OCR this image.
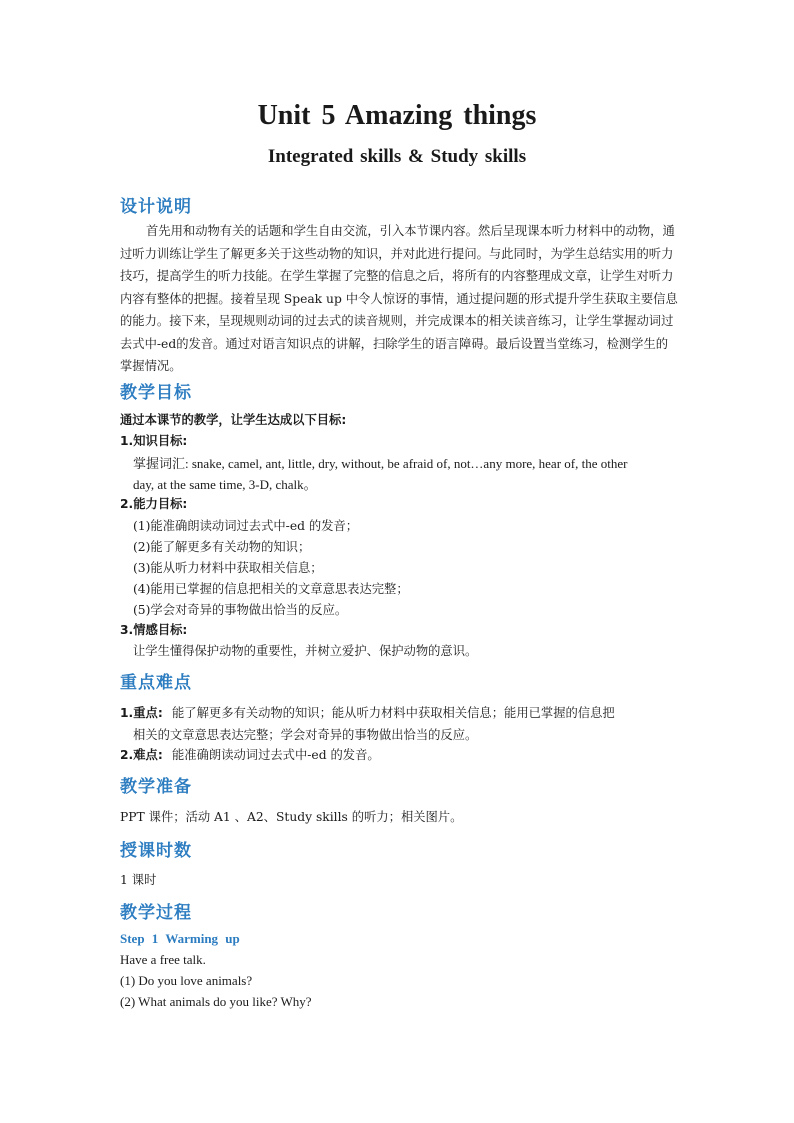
Unit 5 Amazing things
Integrated skills & Study skills
设计说明
首先用和动物有关的话题和学生自由交流，引入本节课内容。然后呈现课本听力材料中的动物，通过听力训练让学生了解更多关于这些动物的知识，并对此进行提问。与此同时，为学生总结实用的听力技巧，提高学生的听力技能。在学生掌握了完整的信息之后，将所有的内容整理成文章，让学生对听力内容有整体的把握。接着呈现 Speak up 中令人惊讶的事情，通过提问题的形式提升学生获取主要信息的能力。接下来，呈现规则动词的过去式的读音规则，并完成课本的相关读音练习，让学生掌握动词过去式中-ed的发音。通过对语言知识点的讲解，扫除学生的语言障碍。最后设置当堂练习，检测学生的掌握情况。
教学目标
通过本课节的教学，让学生达成以下目标:
1.知识目标:
掌握词汇: snake, camel, ant, little, dry, without, be afraid of, not…any more, hear of, the other
day, at the same time, 3-D, chalk。
2.能力目标:
(1)能准确朗读动词过去式中-ed 的发音；
(2)能了解更多有关动物的知识；
(3)能从听力材料中获取相关信息；
(4)能用已掌握的信息把相关的文章意思表达完整；
(5)学会对奇异的事物做出恰当的反应。
3.情感目标:
让学生懂得保护动物的重要性，并树立爱护、保护动物的意识。
重点难点
1.重点: 能了解更多有关动物的知识；能从听力材料中获取相关信息；能用已掌握的信息把
相关的文章意思表达完整；学会对奇异的事物做出恰当的反应。
2.难点: 能准确朗读动词过去式中-ed 的发音。
教学准备
PPT 课件；活动 A1 、A2、Study skills 的听力；相关图片。
授课时数
1 课时
教学过程
Step 1 Warming up
Have a free talk.
(1) Do you love animals?
(2) What animals do you like? Why?
